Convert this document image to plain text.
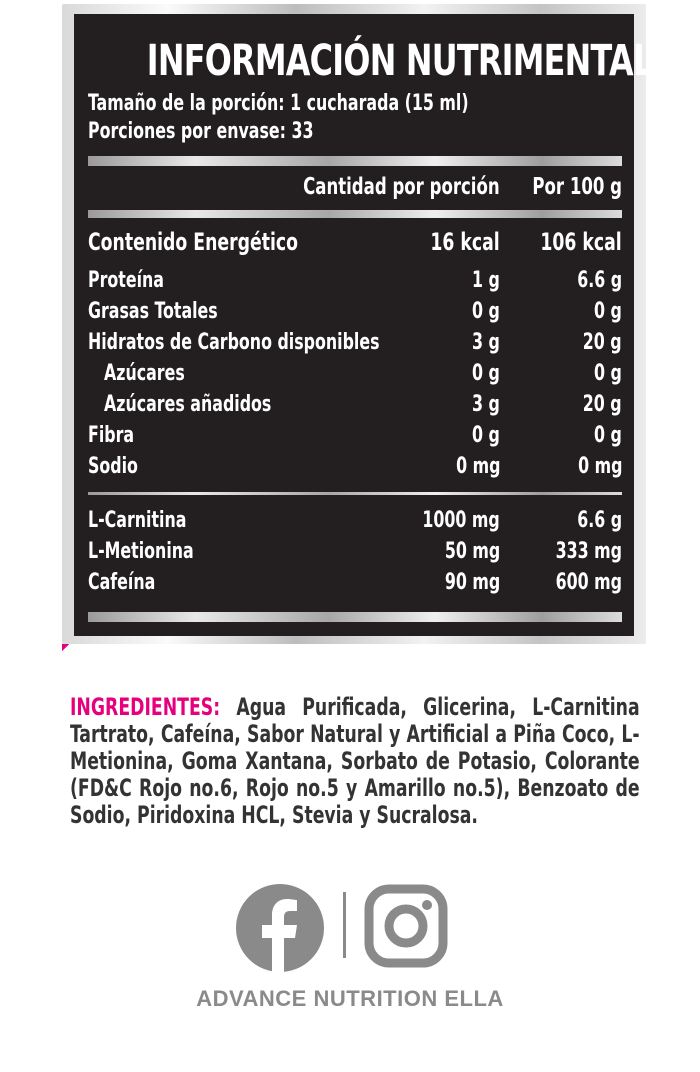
INFORMACIÓN NUTRIMENTAL
Tamaño de la porción: 1 cucharada (15 ml)
Porciones por envase: 33
Cantidad por porción	Por 100 g
Contenido Energético	16 kcal	106 kcal
Proteína	1 g	6.6 g
Grasas Totales	0 g	0 g
Hidratos de Carbono disponibles	3 g	20 g
Azúcares	0 g	0 g
Azúcares añadidos	3 g	20 g
Fibra	0 g	0 g
Sodio	0 mg	0 mg
L-Carnitina	1000 mg	6.6 g
L-Metionina	50 mg	333 mg
Cafeína	90 mg	600 mg
INGREDIENTES: Agua Purificada, Glicerina, L-Carnitina Tartrato, Cafeína, Sabor Natural y Artificial a Piña Coco, L-Metionina, Goma Xantana, Sorbato de Potasio, Colorante (FD&C Rojo no.6, Rojo no.5 y Amarillo no.5), Benzoato de Sodio, Piridoxina HCL, Stevia y Sucralosa.
ADVANCE NUTRITION ELLA
